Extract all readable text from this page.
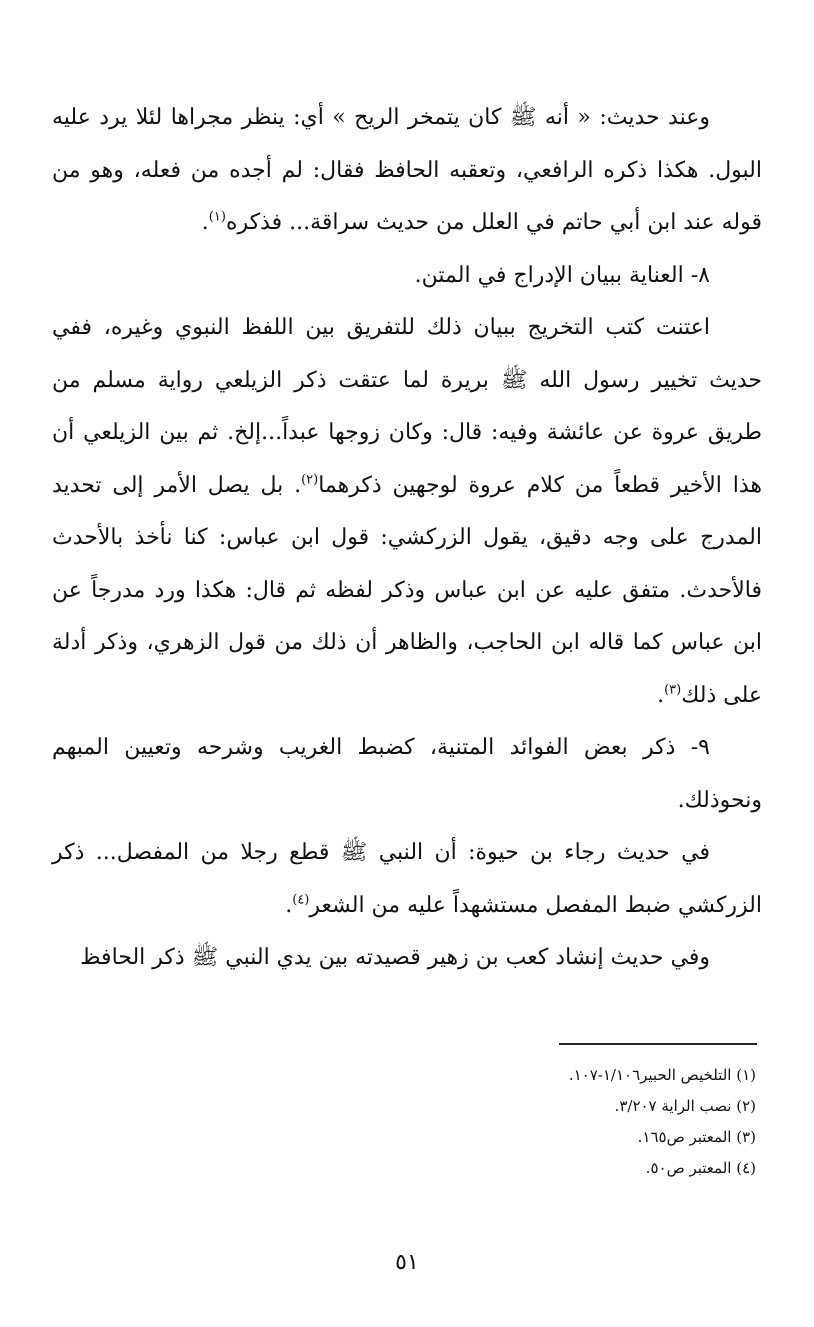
وعند حديث: « أنه ﷺ كان يتمخر الريح » أي: ينظر مجراها لئلا يرد عليه البول. هكذا ذكره الرافعي، وتعقبه الحافظ فقال: لم أجده من فعله، وهو من قوله عند ابن أبي حاتم في العلل من حديث سراقة... فذكره$^{(١)}$.

٨- العناية ببيان الإدراج في المتن.

اعتنت كتب التخريج ببيان ذلك للتفريق بين اللفظ النبوي وغيره، ففي حديث تخيير رسول الله ﷺ بريرة لما عتقت ذكر الزيلعي رواية مسلم من طريق عروة عن عائشة وفيه: قال: وكان زوجها عبداً...إلخ. ثم بين الزيلعي أن هذا الأخير قطعاً من كلام عروة لوجهين ذكرهما$^{(٢)}$. بل يصل الأمر إلى تحديد المدرج على وجه دقيق، يقول الزركشي: قول ابن عباس: كنا نأخذ بالأحدث فالأحدث. متفق عليه عن ابن عباس وذكر لفظه ثم قال: هكذا ورد مدرجاً عن ابن عباس كما قاله ابن الحاجب، والظاهر أن ذلك من قول الزهري، وذكر أدلة على ذلك$^{(٣)}$.

٩- ذكر بعض الفوائد المتنية، كضبط الغريب وشرحه وتعيين المبهم ونحوذلك.

في حديث رجاء بن حيوة: أن النبي ﷺ قطع رجلا من المفصل... ذكر الزركشي ضبط المفصل مستشهداً عليه من الشعر$^{(٤)}$.

وفي حديث إنشاد كعب بن زهير قصيدته بين يدي النبي ﷺ ذكر الحافظ

(١) التلخيص الحبير١/١٠٦-١٠٧.

(٢) نصب الراية ٣/٢٠٧.

(٣) المعتبر ص١٦٥.

(٤) المعتبر ص٥٠.

٥١
